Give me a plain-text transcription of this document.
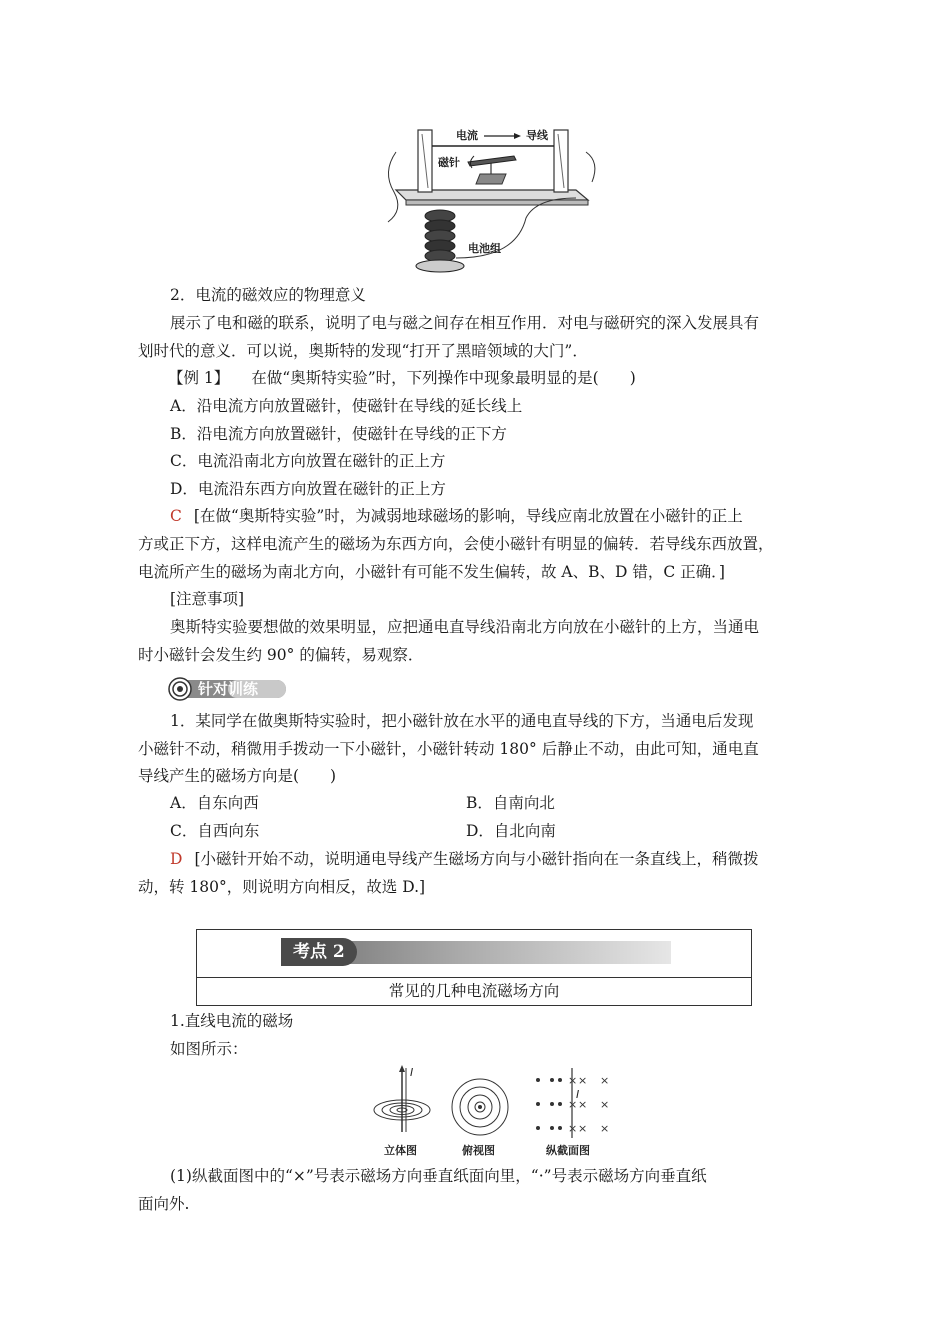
电流	导线
磁针
电池组
2．电流的磁效应的物理意义
展示了电和磁的联系，说明了电与磁之间存在相互作用．对电与磁研究的深入发展具有
划时代的意义．可以说，奥斯特的发现“打开了黑暗领域的大门”．
【例 1】 在做“奥斯特实验”时，下列操作中现象最明显的是(　　)
A．沿电流方向放置磁针，使磁针在导线的延长线上
B．沿电流方向放置磁针，使磁针在导线的正下方
C．电流沿南北方向放置在磁针的正上方
D．电流沿东西方向放置在磁针的正上方
C [在做“奥斯特实验”时，为减弱地球磁场的影响，导线应南北放置在小磁针的正上
方或正下方，这样电流产生的磁场为东西方向，会使小磁针有明显的偏转．若导线东西放置，
电流所产生的磁场为南北方向，小磁针有可能不发生偏转，故 A、B、D 错，C 正确．]
[注意事项]
奥斯特实验要想做的效果明显，应把通电直导线沿南北方向放在小磁针的上方，当通电
时小磁针会发生约 90° 的偏转，易观察．
针对训练
1．某同学在做奥斯特实验时，把小磁针放在水平的通电直导线的下方，当通电后发现
小磁针不动，稍微用手拨动一下小磁针，小磁针转动 180° 后静止不动，由此可知，通电直
导线产生的磁场方向是(　　)
A．自东向西	B．自南向北
C．自西向东	D．自北向南
D [小磁针开始不动，说明通电导线产生磁场方向与小磁针指向在一条直线上，稍微拨
动，转 180°，则说明方向相反，故选 D.]
考点 2
常见的几种电流磁场方向
1.直线电流的磁场
如图所示：
I
× × ×
× × ×
× × ×
I
立体图	俯视图	纵截面图
(1)纵截面图中的“×”号表示磁场方向垂直纸面向里，“·”号表示磁场方向垂直纸
面向外.
